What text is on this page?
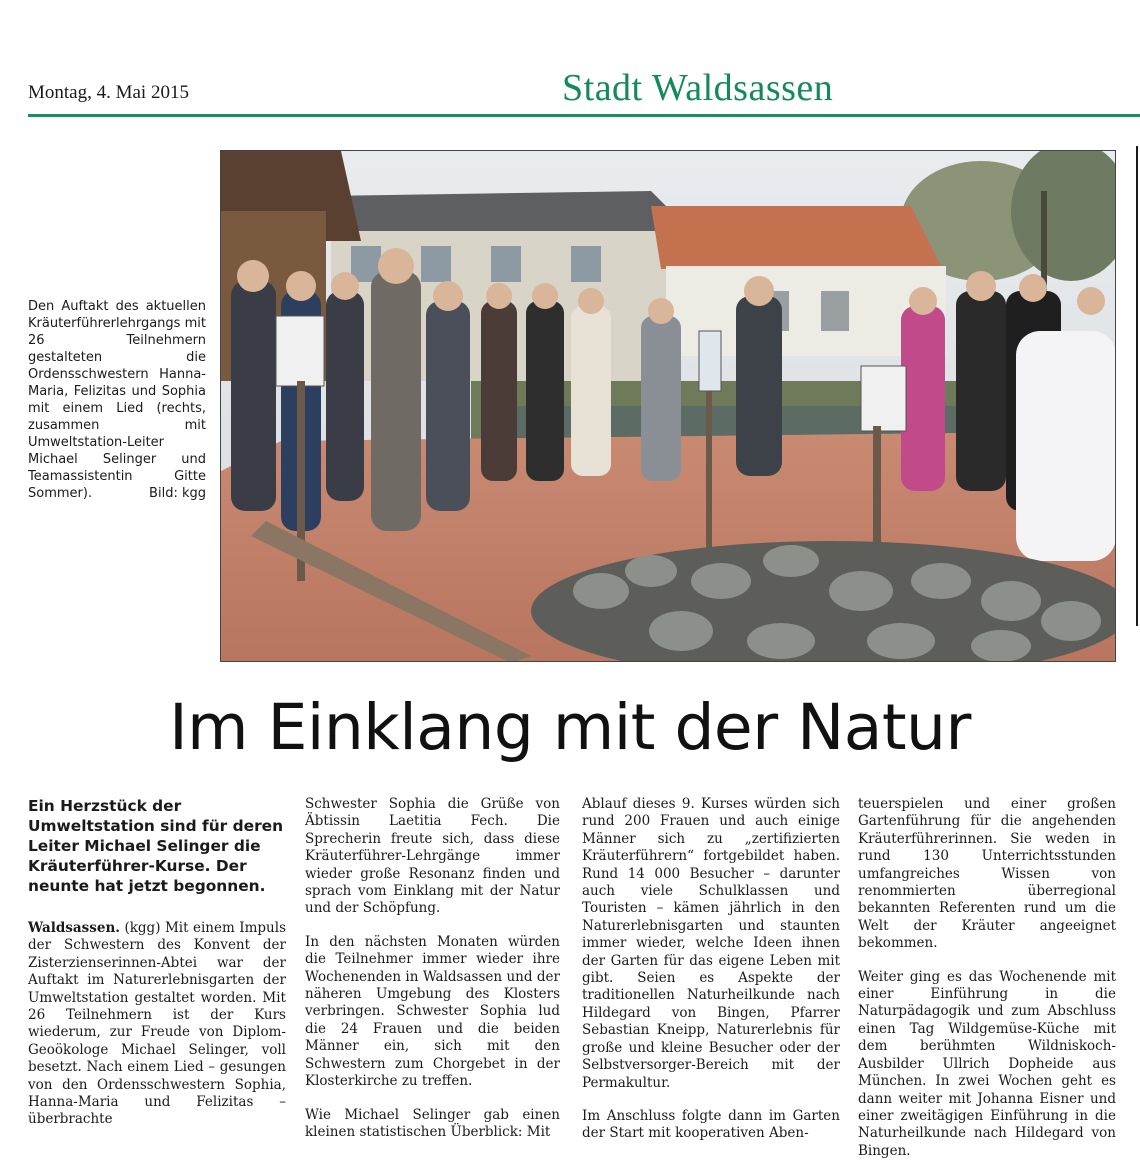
Montag, 4. Mai 2015	Stadt Waldsassen
Den Auftakt des aktuellen Kräuterführerlehrgangs mit 26 Teilnehmern gestalteten die Ordensschwestern Hanna-Maria, Felizitas und Sophia mit einem Lied (rechts, zusammen mit Umweltstation-Leiter Michael Selinger und Teamassistentin Gitte Sommer).	Bild: kgg
Im Einklang mit der Natur

Ein Herzstück der Umweltstation sind für deren Leiter Michael Selinger die Kräuterführer-Kurse. Der neunte hat jetzt begonnen.

Waldsassen. (kgg) Mit einem Impuls der Schwestern des Konvent der Zisterzienserinnen-Abtei war der Auftakt im Naturerlebnisgarten der Umweltstation gestaltet worden. Mit 26 Teilnehmern ist der Kurs wiederum, zur Freude von Diplom-Geoökologe Michael Selinger, voll besetzt. Nach einem Lied – gesungen von den Ordensschwestern Sophia, Hanna-Maria und Felizitas – überbrachte

Schwester Sophia die Grüße von Äbtissin Laetitia Fech. Die Sprecherin freute sich, dass diese Kräuterführer-Lehrgänge immer wieder große Resonanz finden und sprach vom Einklang mit der Natur und der Schöpfung.

In den nächsten Monaten würden die Teilnehmer immer wieder ihre Wochenenden in Waldsassen und der näheren Umgebung des Klosters verbringen. Schwester Sophia lud die 24 Frauen und die beiden Männer ein, sich mit den Schwestern zum Chorgebet in der Klosterkirche zu treffen.

Wie Michael Selinger gab einen kleinen statistischen Überblick: Mit

Ablauf dieses 9. Kurses würden sich rund 200 Frauen und auch einige Männer sich zu „zertifizierten Kräuterführern“ fortgebildet haben. Rund 14 000 Besucher – darunter auch viele Schulklassen und Touristen – kämen jährlich in den Naturerlebnisgarten und staunten immer wieder, welche Ideen ihnen der Garten für das eigene Leben mit gibt. Seien es Aspekte der traditionellen Naturheilkunde nach Hildegard von Bingen, Pfarrer Sebastian Kneipp, Naturerlebnis für große und kleine Besucher oder der Selbstversorger-Bereich mit der Permakultur.

Im Anschluss folgte dann im Garten der Start mit kooperativen Aben-

teuerspielen und einer großen Gartenführung für die angehenden Kräuterführerinnen. Sie weden in rund 130 Unterrichtsstunden umfangreiches Wissen von renommierten überregional bekannten Referenten rund um die Welt der Kräuter angeeignet bekommen.

Weiter ging es das Wochenende mit einer Einführung in die Naturpädagogik und zum Abschluss einen Tag Wildgemüse-Küche mit dem berühmten Wildniskoch-Ausbilder Ullrich Dopheide aus München. In zwei Wochen geht es dann weiter mit Johanna Eisner und einer zweitägigen Einführung in die Naturheilkunde nach Hildegard von Bingen.
